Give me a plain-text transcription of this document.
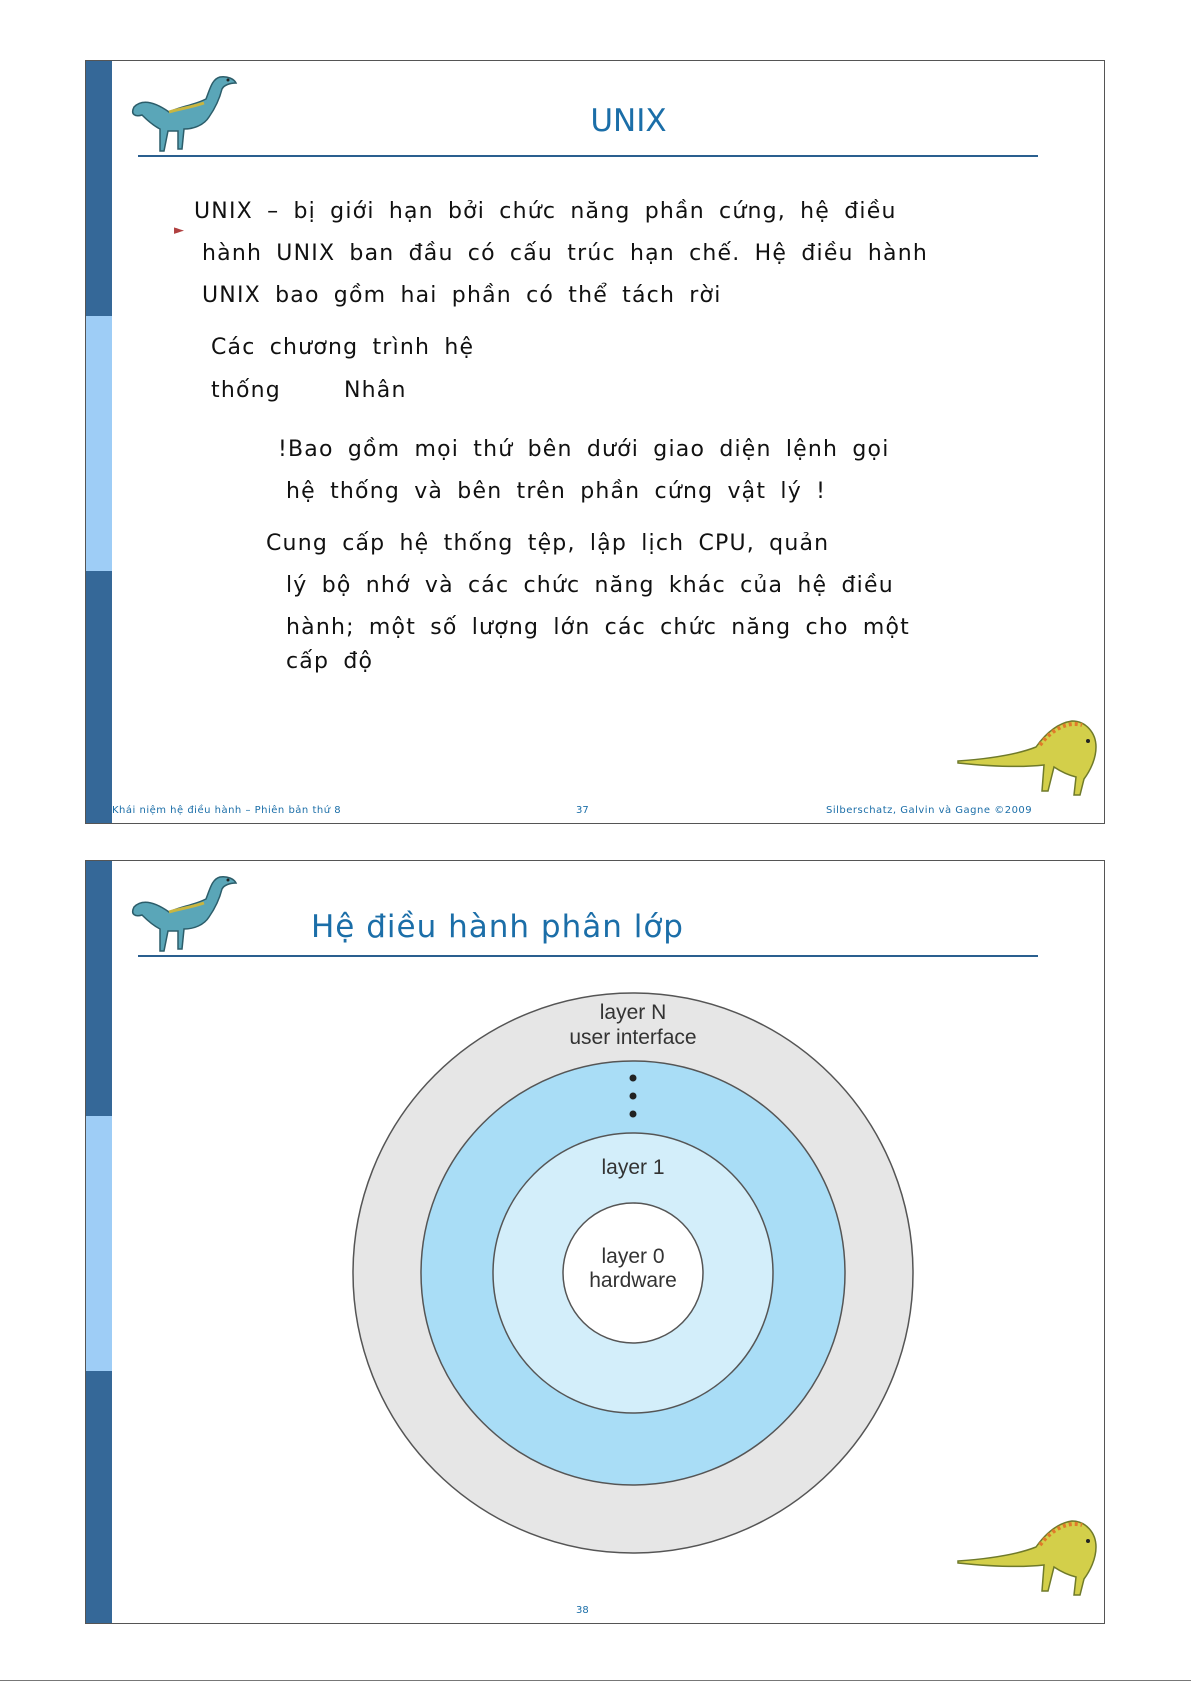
UNIX
►
UNIX – bị giới hạn bởi chức năng phần cứng, hệ điều
hành UNIX ban đầu có cấu trúc hạn chế. Hệ điều hành
UNIX bao gồm hai phần có thể tách rời
Các chương trình hệ
thống	Nhân
!Bao gồm mọi thứ bên dưới giao diện lệnh gọi
hệ thống và bên trên phần cứng vật lý !
Cung cấp hệ thống tệp, lập lịch CPU, quản
lý bộ nhớ và các chức năng khác của hệ điều
hành; một số lượng lớn các chức năng cho một
cấp độ
Khái niệm hệ điều hành – Phiên bản thứ 8	37	Silberschatz, Galvin và Gagne ©2009
Hệ điều hành phân lớp
layer N
user interface
layer 1
layer 0
hardware
38
